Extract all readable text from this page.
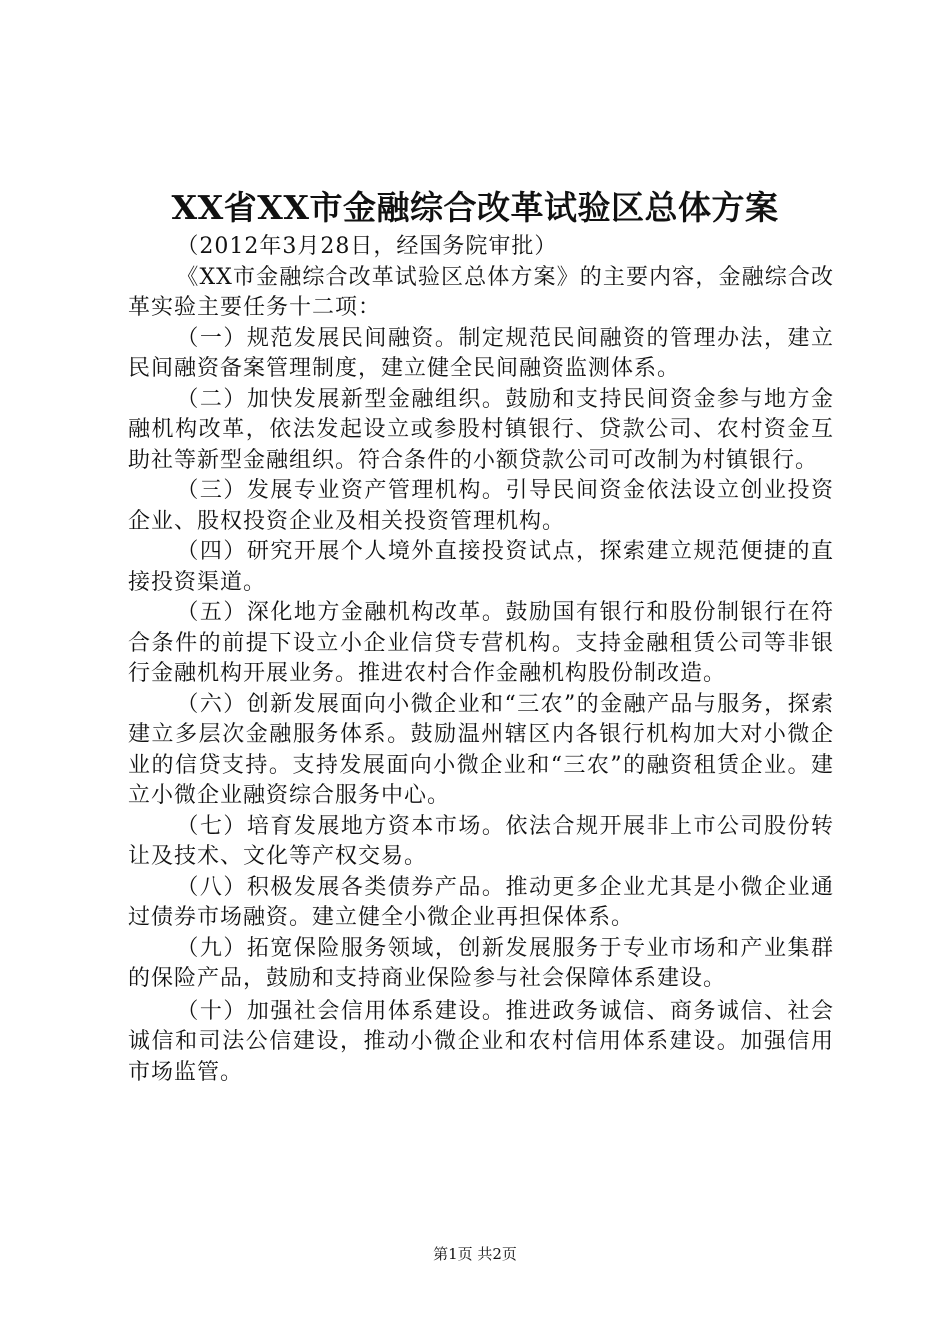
XX省XX市金融综合改革试验区总体方案

（2012年3月28日，经国务院审批）

《XX市金融综合改革试验区总体方案》的主要内容，金融综合改革实验主要任务十二项：

（一）规范发展民间融资。制定规范民间融资的管理办法，建立民间融资备案管理制度，建立健全民间融资监测体系。

（二）加快发展新型金融组织。鼓励和支持民间资金参与地方金融机构改革，依法发起设立或参股村镇银行、贷款公司、农村资金互助社等新型金融组织。符合条件的小额贷款公司可改制为村镇银行。

（三）发展专业资产管理机构。引导民间资金依法设立创业投资企业、股权投资企业及相关投资管理机构。

（四）研究开展个人境外直接投资试点，探索建立规范便捷的直接投资渠道。

（五）深化地方金融机构改革。鼓励国有银行和股份制银行在符合条件的前提下设立小企业信贷专营机构。支持金融租赁公司等非银行金融机构开展业务。推进农村合作金融机构股份制改造。

（六）创新发展面向小微企业和“三农”的金融产品与服务，探索建立多层次金融服务体系。鼓励温州辖区内各银行机构加大对小微企业的信贷支持。支持发展面向小微企业和“三农”的融资租赁企业。建立小微企业融资综合服务中心。

（七）培育发展地方资本市场。依法合规开展非上市公司股份转让及技术、文化等产权交易。

（八）积极发展各类债券产品。推动更多企业尤其是小微企业通过债券市场融资。建立健全小微企业再担保体系。

（九）拓宽保险服务领域，创新发展服务于专业市场和产业集群的保险产品，鼓励和支持商业保险参与社会保障体系建设。

（十）加强社会信用体系建设。推进政务诚信、商务诚信、社会诚信和司法公信建设，推动小微企业和农村信用体系建设。加强信用市场监管。

第1页 共2页
